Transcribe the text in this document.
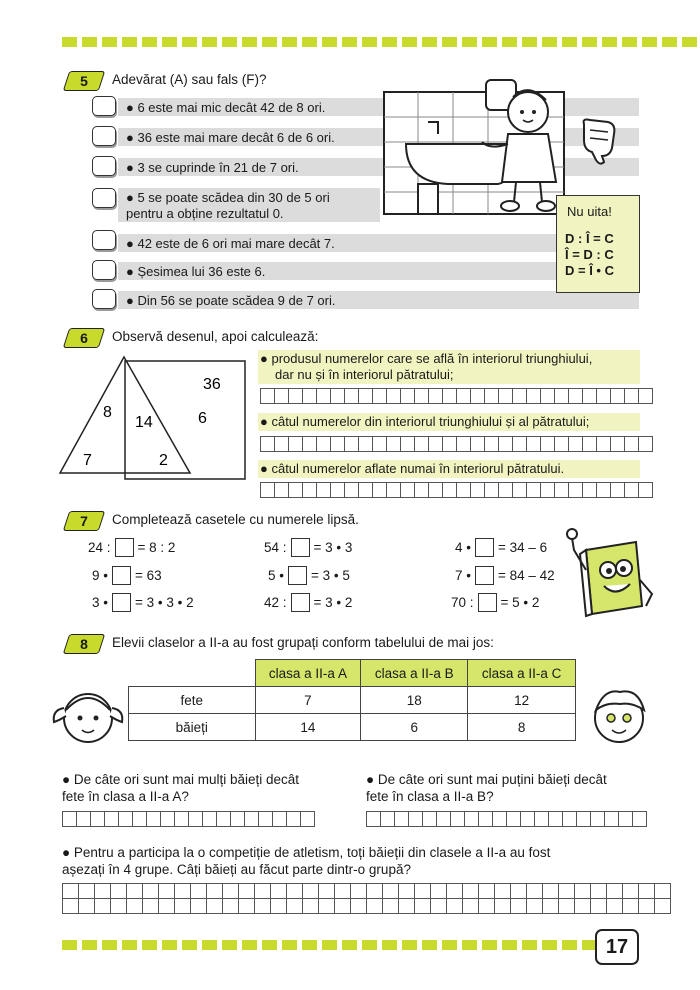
5	Adevărat (A) sau fals (F)?
● 6 este mai mic decât 42 de 8 ori.
● 36 este mai mare decât 6 de 6 ori.
● 3 se cuprinde în 21 de 7 ori.
● 5 se poate scădea din 30 de 5 ori
pentru a obține rezultatul 0.
● 42 este de 6 ori mai mare decât 7.
● Șesimea lui 36 este 6.
● Din 56 se poate scădea 9 de 7 ori.
Nu uita!
D : Î = C
Î = D : C
D = Î • C
6	Observă desenul, apoi calculează:
36
8
14	6
7	2
● produsul numerelor care se află în interiorul triunghiului,
dar nu și în interiorul pătratului;
● câtul numerelor din interiorul triunghiului și al pătratului;
● câtul numerelor aflate numai în interiorul pătratului.
7	Completează casetele cu numerele lipsă.
24 : = 8 : 2
9 • = 63
3 • = 3 • 3 • 2
54 : = 3 • 3
5 • = 3 • 5
42 : = 3 • 2
4 • = 34 – 6
7 • = 84 – 42
70 : = 5 • 2
8	Elevii claselor a II-a au fost grupați conform tabelului de mai jos:
	clasa a II-a A	clasa a II-a B	clasa a II-a C
fete	7	18	12
băieți	14	6	8
● De câte ori sunt mai mulți băieți decât
fete în clasa a II-a A?
● De câte ori sunt mai puțini băieți decât
fete în clasa a II-a B?
● Pentru a participa la o competiție de atletism, toți băieții din clasele a II-a au fost
așezați în 4 grupe. Câți băieți au făcut parte dintr-o grupă?
17
